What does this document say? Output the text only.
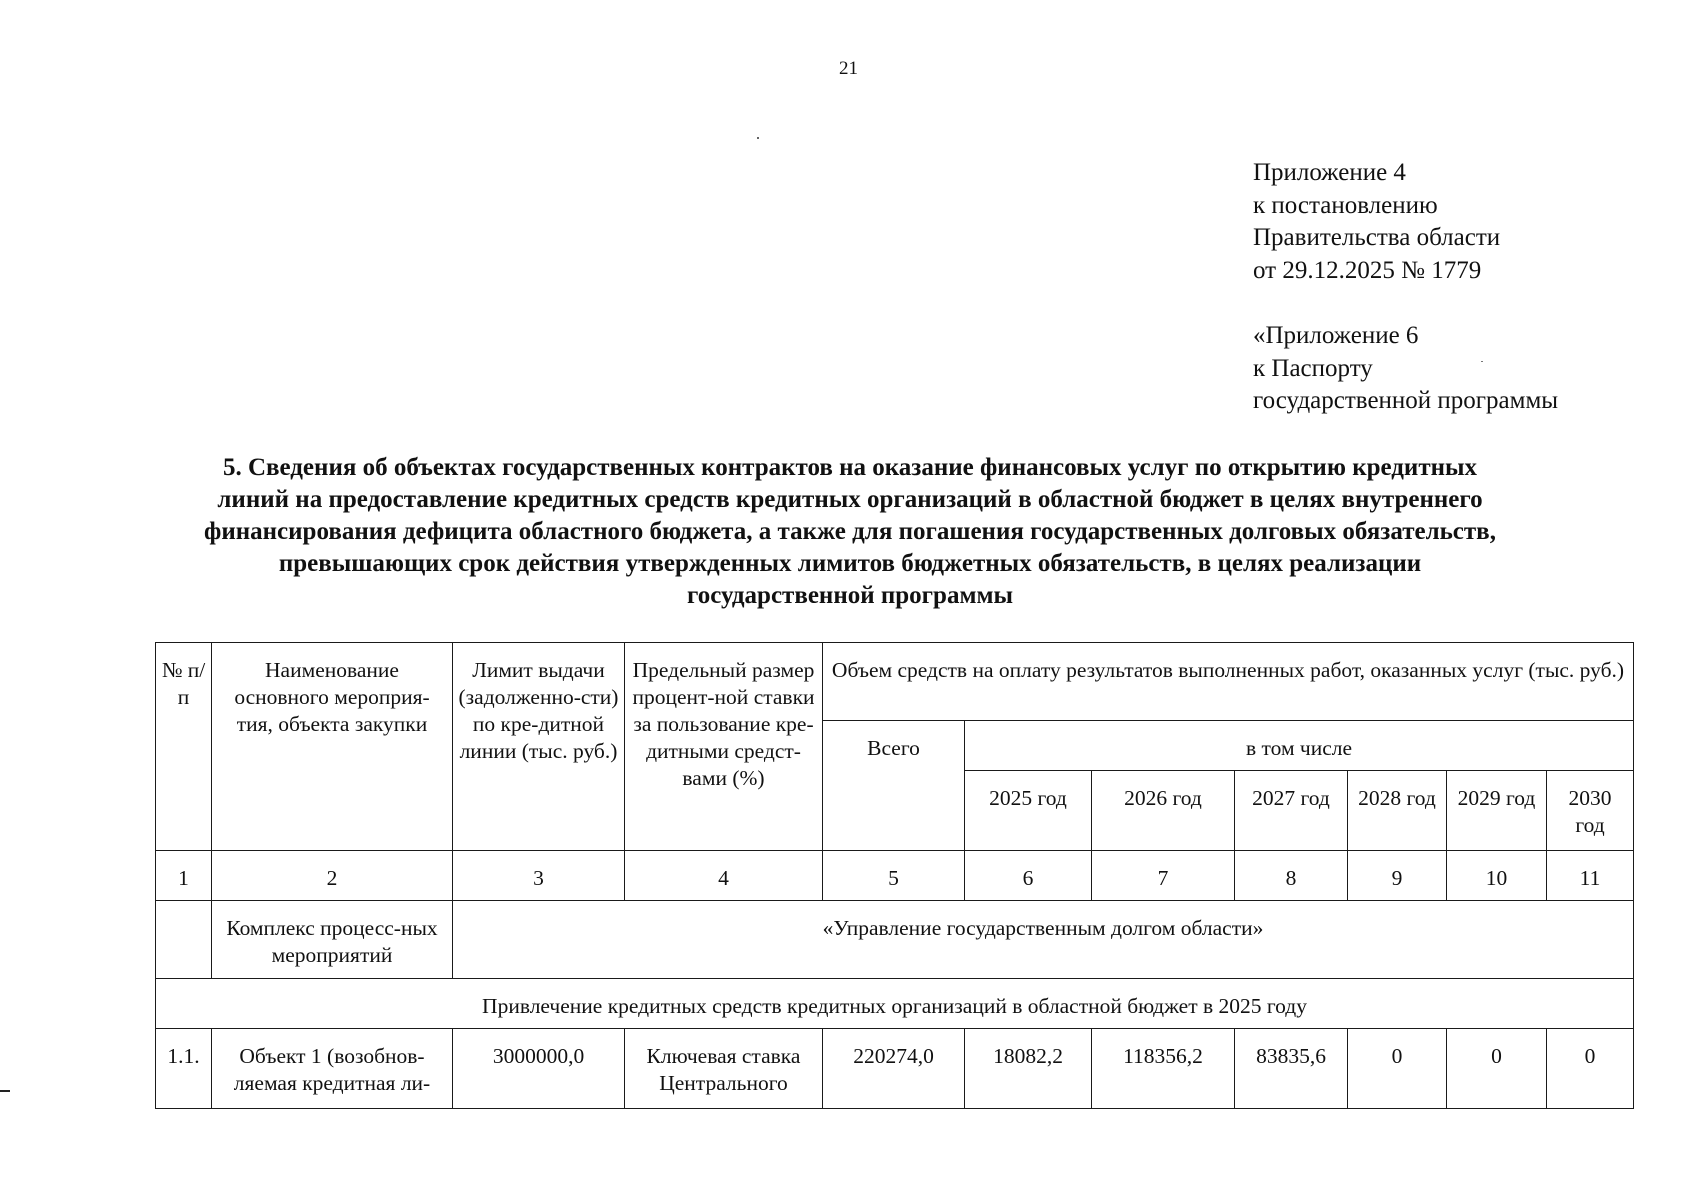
21
Приложение 4
к постановлению
Правительства области
от 29.12.2025 № 1779
«Приложение 6
к Паспорту
государственной программы
5. Сведения об объектах государственных контрактов на оказание финансовых услуг по открытию кредитных
линий на предоставление кредитных средств кредитных организаций в областной бюджет в целях внутреннего
финансирования дефицита областного бюджета, а также для погашения государственных долговых обязательств,
превышающих срок действия утвержденных лимитов бюджетных обязательств, в целях реализации
государственной программы
№ п/п	Наименование основного мероприя-тия, объекта закупки	Лимит выдачи (задолженно-сти) по кре-дитной линии (тыс. руб.)	Предельный размер процент-ной ставки за пользование кре-дитными средст-вами (%)	Объем средств на оплату результатов выполненных работ, оказанных услуг (тыс. руб.)						
				Всего	в том числе					
					2025 год	2026 год	2027 год	2028 год	2029 год	2030 год
1	2	3	4	5	6	7	8	9	10	11
	Комплекс процесс-ных мероприятий	«Управление государственным долгом области»								
Привлечение кредитных средств кредитных организаций в областной бюджет в 2025 году										
1.1.	Объект 1 (возобнов-ляемая кредитная ли-	3000000,0	Ключевая ставка Центрального	220274,0	18082,2	118356,2	83835,6	0	0	0
